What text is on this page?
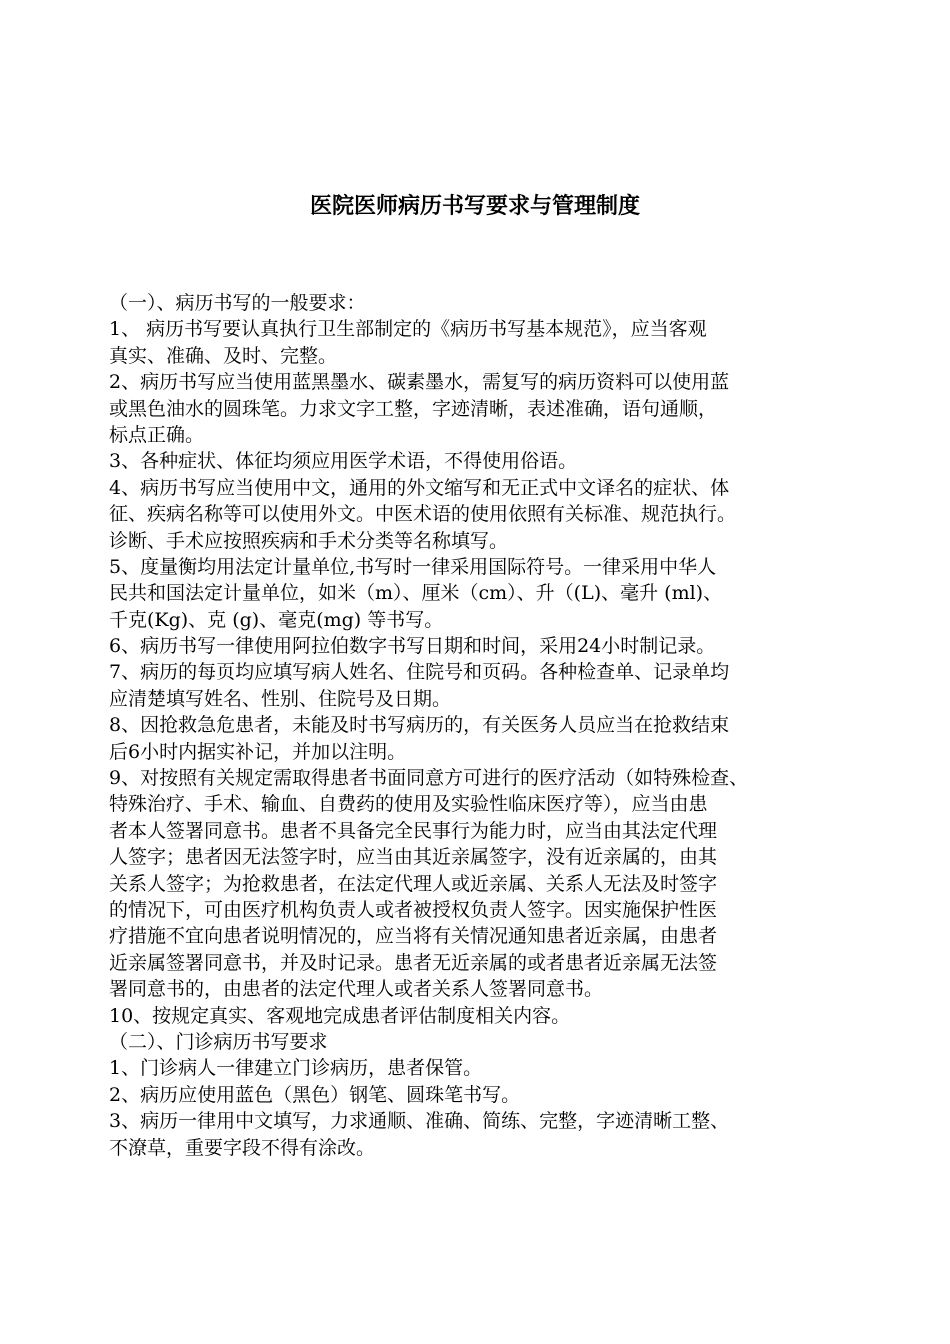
医院医师病历书写要求与管理制度
（一）、病历书写的一般要求：
1、 病历书写要认真执行卫生部制定的《病历书写基本规范》，应当客观
真实、准确、及时、完整。
2、病历书写应当使用蓝黑墨水、碳素墨水，需复写的病历资料可以使用蓝
或黑色油水的圆珠笔。力求文字工整，字迹清晰，表述准确，语句通顺，
标点正确。
3、各种症状、体征均须应用医学术语，不得使用俗语。
4、病历书写应当使用中文，通用的外文缩写和无正式中文译名的症状、体
征、疾病名称等可以使用外文。中医术语的使用依照有关标准、规范执行。
诊断、手术应按照疾病和手术分类等名称填写。
5、度量衡均用法定计量单位,书写时一律采用国际符号。一律采用中华人
民共和国法定计量单位，如米（m）、厘米（cm）、升（(L)、毫升 (ml)、
千克(Kg)、克 (g)、毫克(mg) 等书写。
6、病历书写一律使用阿拉伯数字书写日期和时间，采用24小时制记录。
7、病历的每页均应填写病人姓名、住院号和页码。各种检查单、记录单均
应清楚填写姓名、性别、住院号及日期。
8、因抢救急危患者，未能及时书写病历的，有关医务人员应当在抢救结束
后6小时内据实补记，并加以注明。
9、对按照有关规定需取得患者书面同意方可进行的医疗活动（如特殊检查、
特殊治疗、手术、输血、自费药的使用及实验性临床医疗等），应当由患
者本人签署同意书。患者不具备完全民事行为能力时，应当由其法定代理
人签字；患者因无法签字时，应当由其近亲属签字，没有近亲属的，由其
关系人签字；为抢救患者，在法定代理人或近亲属、关系人无法及时签字
的情况下，可由医疗机构负责人或者被授权负责人签字。因实施保护性医
疗措施不宜向患者说明情况的，应当将有关情况通知患者近亲属，由患者
近亲属签署同意书，并及时记录。患者无近亲属的或者患者近亲属无法签
署同意书的，由患者的法定代理人或者关系人签署同意书。
10、按规定真实、客观地完成患者评估制度相关内容。
（二）、门诊病历书写要求
1、门诊病人一律建立门诊病历，患者保管。
2、病历应使用蓝色（黑色）钢笔、圆珠笔书写。
3、病历一律用中文填写，力求通顺、准确、简练、完整，字迹清晰工整、
不潦草，重要字段不得有涂改。
